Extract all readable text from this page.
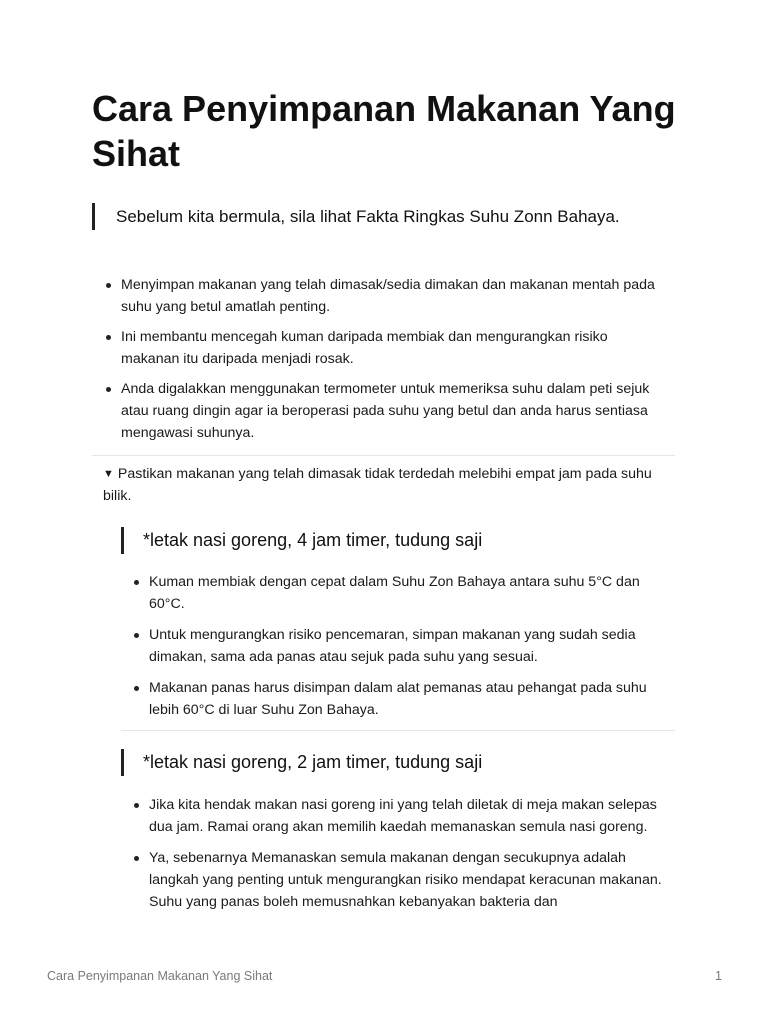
Cara Penyimpanan Makanan Yang Sihat

Sebelum kita bermula, sila lihat Fakta Ringkas Suhu Zonn Bahaya.

Menyimpan makanan yang telah dimasak/sedia dimakan dan makanan mentah pada suhu yang betul amatlah penting.
Ini membantu mencegah kuman daripada membiak dan mengurangkan risiko makanan itu daripada menjadi rosak.
Anda digalakkan menggunakan termometer untuk memeriksa suhu dalam peti sejuk atau ruang dingin agar ia beroperasi pada suhu yang betul dan anda harus sentiasa mengawasi suhunya.
▼ Pastikan makanan yang telah dimasak tidak terdedah melebihi empat jam pada suhu bilik.
*letak nasi goreng, 4 jam timer, tudung saji
Kuman membiak dengan cepat dalam Suhu Zon Bahaya antara suhu 5°C dan 60°C.
Untuk mengurangkan risiko pencemaran, simpan makanan yang sudah sedia dimakan, sama ada panas atau sejuk pada suhu yang sesuai.
Makanan panas harus disimpan dalam alat pemanas atau pehangat pada suhu lebih 60°C di luar Suhu Zon Bahaya.
*letak nasi goreng, 2 jam timer, tudung saji
Jika kita hendak makan nasi goreng ini yang telah diletak di meja makan selepas dua jam. Ramai orang akan memilih kaedah memanaskan semula nasi goreng.
Ya, sebenarnya Memanaskan semula makanan dengan secukupnya adalah langkah yang penting untuk mengurangkan risiko mendapat keracunan makanan. Suhu yang panas boleh memusnahkan kebanyakan bakteria dan
Cara Penyimpanan Makanan Yang Sihat	1
